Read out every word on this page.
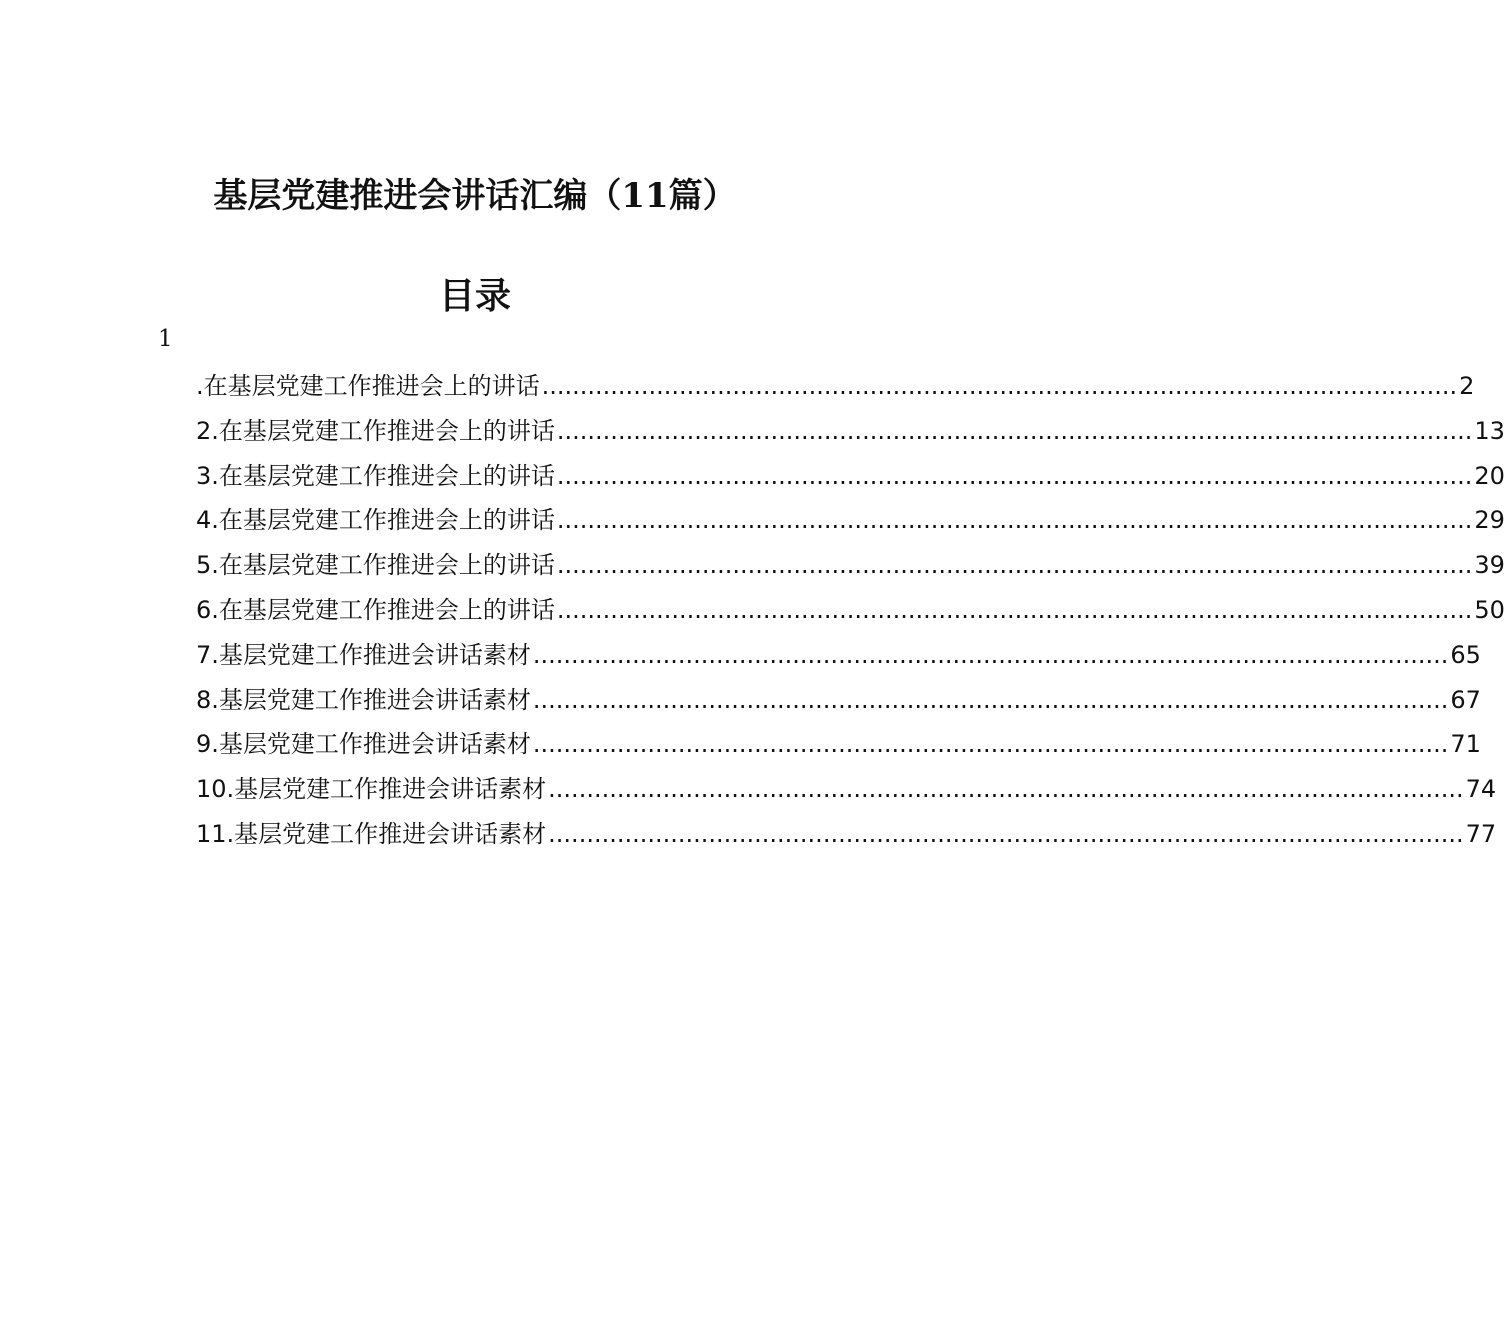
基层党建推进会讲话汇编（11篇）
目录
1
.在基层党建工作推进会上的讲话 ........................................................................................................................ 2
2.在基层党建工作推进会上的讲话 ........................................................................................................................ 13
3.在基层党建工作推进会上的讲话 ........................................................................................................................ 20
4.在基层党建工作推进会上的讲话 ........................................................................................................................ 29
5.在基层党建工作推进会上的讲话 ........................................................................................................................ 39
6.在基层党建工作推进会上的讲话 ........................................................................................................................ 50
7.基层党建工作推进会讲话素材 ........................................................................................................................ 65
8.基层党建工作推进会讲话素材 ........................................................................................................................ 67
9.基层党建工作推进会讲话素材 ........................................................................................................................ 71
10.基层党建工作推进会讲话素材 ........................................................................................................................ 74
11.基层党建工作推进会讲话素材 ........................................................................................................................ 77
